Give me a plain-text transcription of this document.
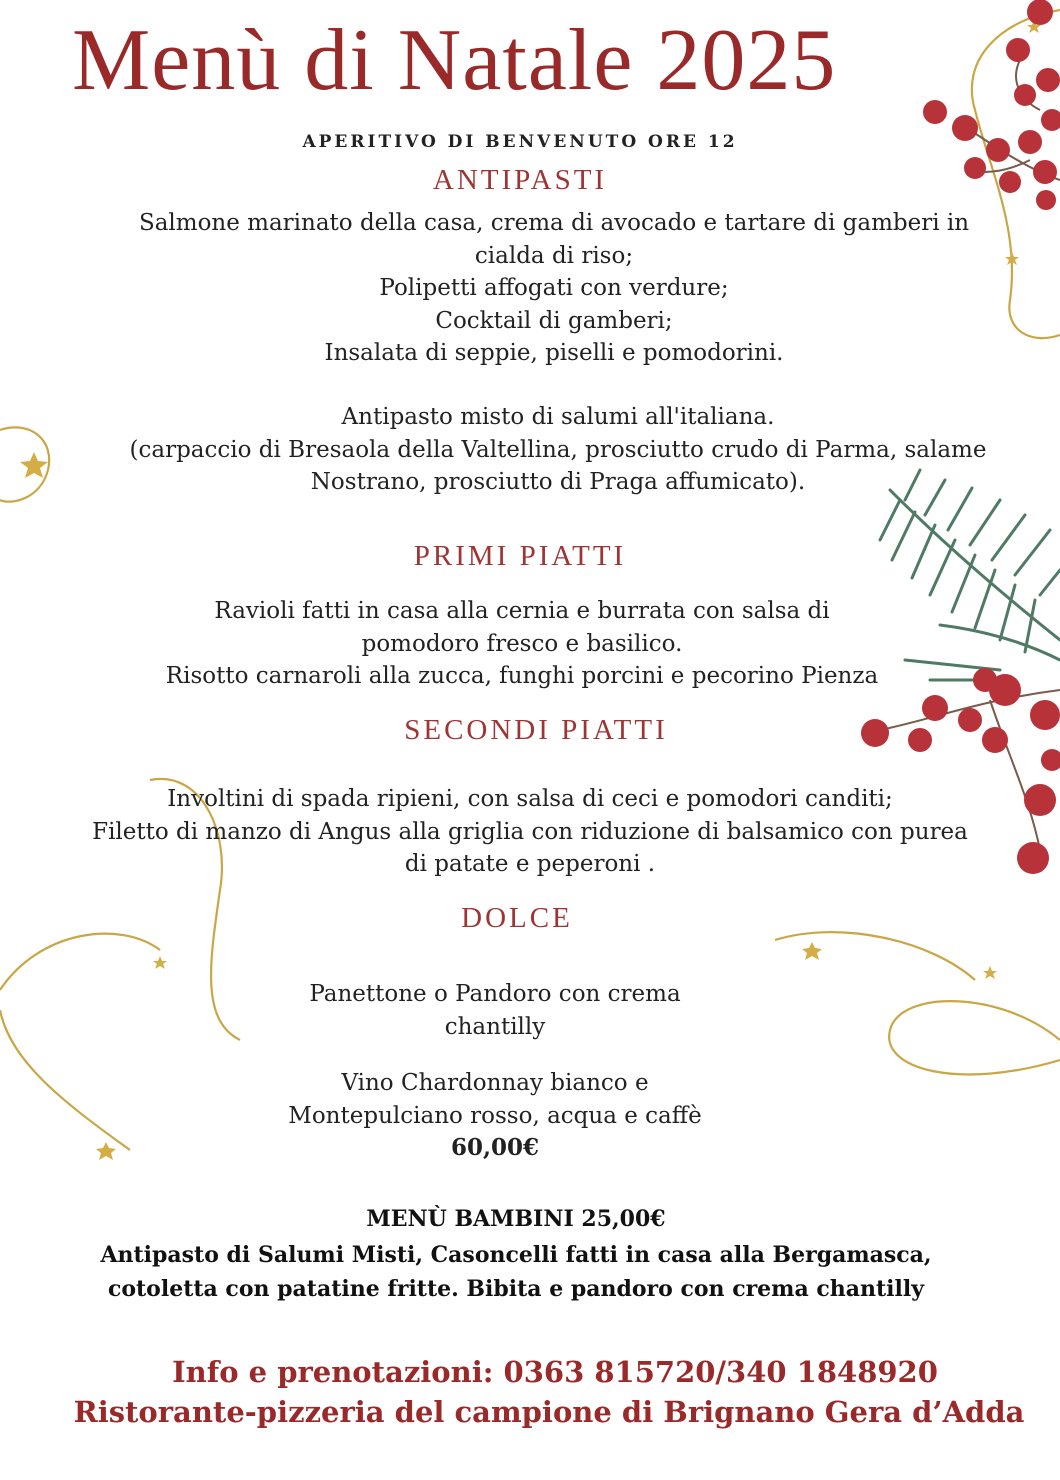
Menù di Natale 2025
APERITIVO DI BENVENUTO ORE 12
ANTIPASTI
Salmone marinato della casa, crema di avocado e tartare di gamberi in
cialda di riso;
Polipetti affogati con verdure;
Cocktail di gamberi;
Insalata di seppie, piselli e pomodorini.
Antipasto misto di salumi all'italiana.
(carpaccio di Bresaola della Valtellina, prosciutto crudo di Parma, salame
Nostrano, prosciutto di Praga affumicato).
PRIMI PIATTI
Ravioli fatti in casa alla cernia e burrata con salsa di
pomodoro fresco e basilico.
Risotto carnaroli alla zucca, funghi porcini e pecorino Pienza
SECONDI PIATTI
Involtini di spada ripieni, con salsa di ceci e pomodori canditi;
Filetto di manzo di Angus alla griglia con riduzione di balsamico con purea
di patate e peperoni .
DOLCE
Panettone o Pandoro con crema
chantilly
Vino Chardonnay bianco e
Montepulciano rosso, acqua e caffè
60,00€
MENÙ BAMBINI 25,00€
Antipasto di Salumi Misti, Casoncelli fatti in casa alla Bergamasca,
cotoletta con patatine fritte. Bibita e pandoro con crema chantilly
Info e prenotazioni: 0363 815720/340 1848920
Ristorante-pizzeria del campione di Brignano Gera d’Adda
